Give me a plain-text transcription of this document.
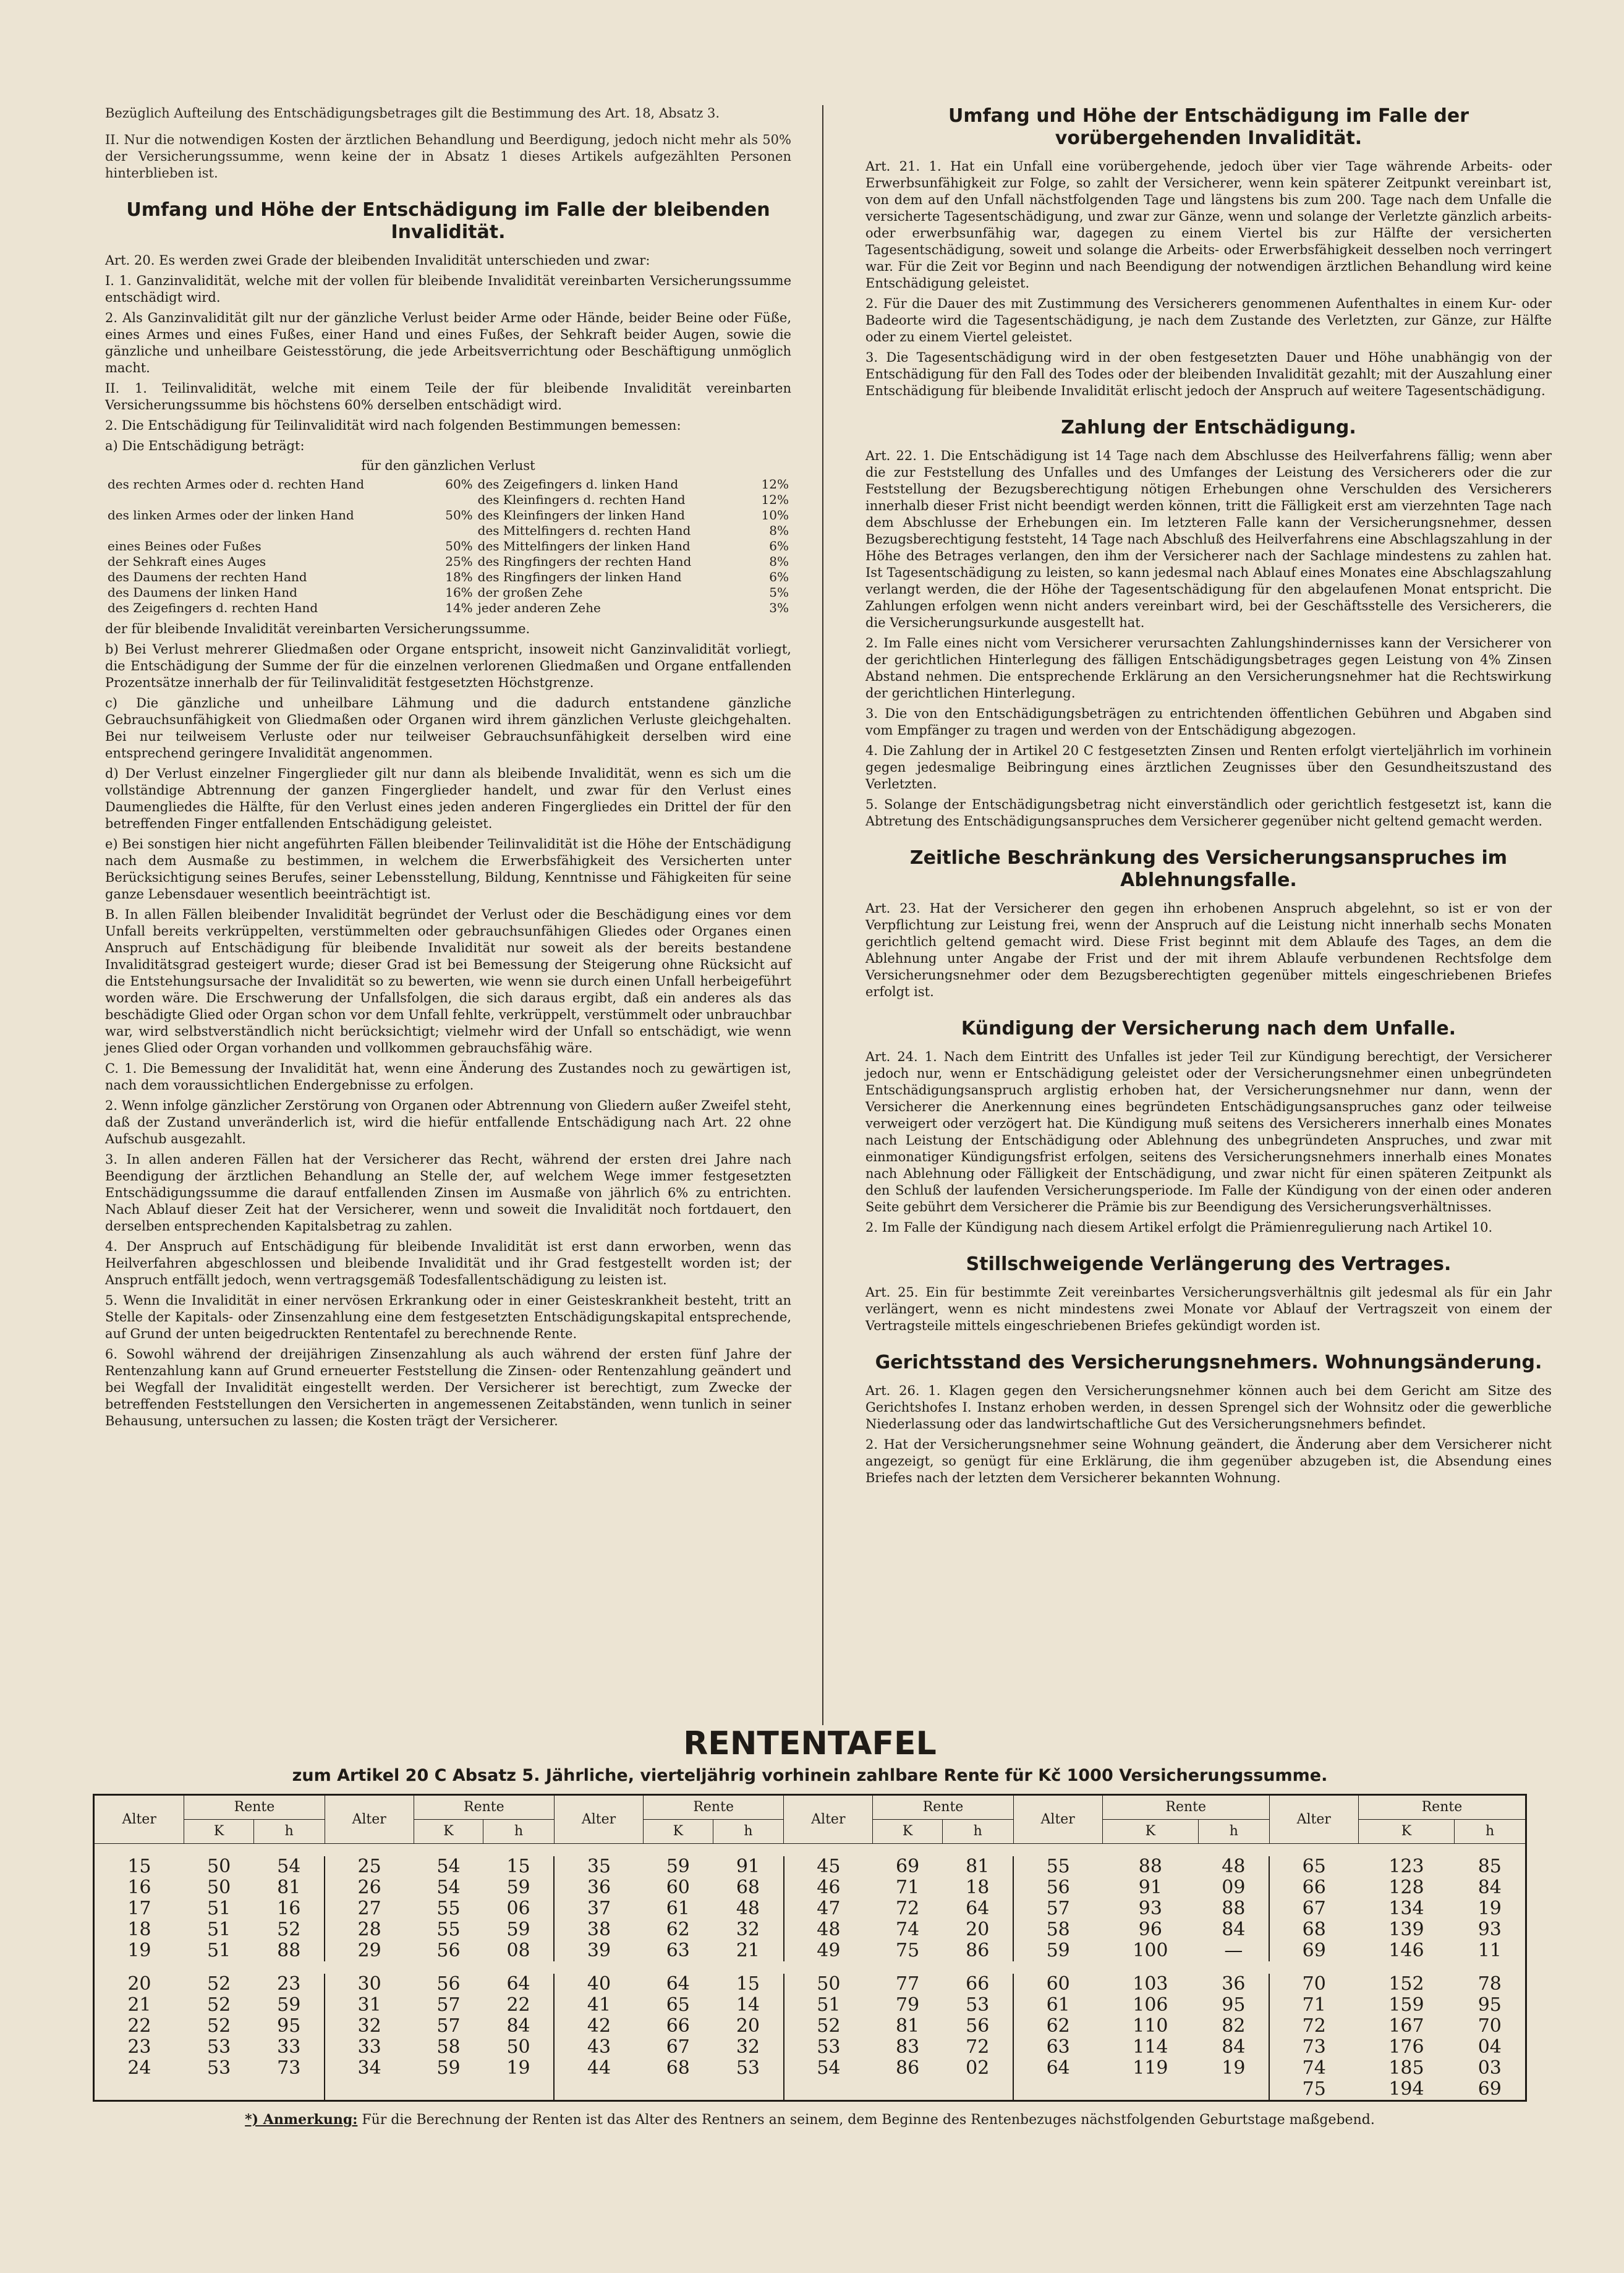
Bezüglich Aufteilung des Entschädigungsbetrages gilt die Bestimmung des Art. 18, Absatz 3.

II. Nur die notwendigen Kosten der ärztlichen Behandlung und Beerdigung, jedoch nicht mehr als 50% der Versicherungssumme, wenn keine der in Absatz 1 dieses Artikels aufgezählten Personen hinterblieben ist.

Umfang und Höhe der Entschädigung im Falle der bleibenden Invalidität.

Art. 20. Es werden zwei Grade der bleibenden Invalidität unterschieden und zwar:

I. 1. Ganzinvalidität, welche mit der vollen für bleibende Invalidität vereinbarten Versicherungssumme entschädigt wird.

2. Als Ganzinvalidität gilt nur der gänzliche Verlust beider Arme oder Hände, beider Beine oder Füße, eines Armes und eines Fußes, einer Hand und eines Fußes, der Sehkraft beider Augen, sowie die gänzliche und unheilbare Geistesstörung, die jede Arbeitsverrichtung oder Beschäftigung unmöglich macht.

II. 1. Teilinvalidität, welche mit einem Teile der für bleibende Invalidität vereinbarten Versicherungssumme bis höchstens 60% derselben entschädigt wird.

2. Die Entschädigung für Teilinvalidität wird nach folgenden Bestimmungen bemessen:

a) Die Entschädigung beträgt:

für den gänzlichen Verlust
des rechten Armes oder d. rechten Hand	60%	des Zeigefingers d. linken Hand	12%
		des Kleinfingers d. rechten Hand	12%
des linken Armes oder der linken Hand	50%	des Kleinfingers der linken Hand	10%
		des Mittelfingers d. rechten Hand	8%
eines Beines oder Fußes	50%	des Mittelfingers der linken Hand	6%
der Sehkraft eines Auges	25%	des Ringfingers der rechten Hand	8%
des Daumens der rechten Hand	18%	des Ringfingers der linken Hand	6%
des Daumens der linken Hand	16%	der großen Zehe	5%
des Zeigefingers d. rechten Hand	14%	jeder anderen Zehe	3%

der für bleibende Invalidität vereinbarten Versicherungssumme.

b) Bei Verlust mehrerer Gliedmaßen oder Organe entspricht, insoweit nicht Ganzinvalidität vorliegt, die Entschädigung der Summe der für die einzelnen verlorenen Gliedmaßen und Organe entfallenden Prozentsätze innerhalb der für Teilinvalidität festgesetzten Höchstgrenze.

c) Die gänzliche und unheilbare Lähmung und die dadurch entstandene gänzliche Gebrauchsunfähigkeit von Gliedmaßen oder Organen wird ihrem gänzlichen Verluste gleichgehalten. Bei nur teilweisem Verluste oder nur teilweiser Gebrauchsunfähigkeit derselben wird eine entsprechend geringere Invalidität angenommen.

d) Der Verlust einzelner Fingerglieder gilt nur dann als bleibende Invalidität, wenn es sich um die vollständige Abtrennung der ganzen Fingerglieder handelt, und zwar für den Verlust eines Daumengliedes die Hälfte, für den Verlust eines jeden anderen Fingergliedes ein Drittel der für den betreffenden Finger entfallenden Entschädigung geleistet.

e) Bei sonstigen hier nicht angeführten Fällen bleibender Teilinvalidität ist die Höhe der Entschädigung nach dem Ausmaße zu bestimmen, in welchem die Erwerbsfähigkeit des Versicherten unter Berücksichtigung seines Berufes, seiner Lebensstellung, Bildung, Kenntnisse und Fähigkeiten für seine ganze Lebensdauer wesentlich beeinträchtigt ist.

B. In allen Fällen bleibender Invalidität begründet der Verlust oder die Beschädigung eines vor dem Unfall bereits verkrüppelten, verstümmelten oder gebrauchsunfähigen Gliedes oder Organes einen Anspruch auf Entschädigung für bleibende Invalidität nur soweit als der bereits bestandene Invaliditätsgrad gesteigert wurde; dieser Grad ist bei Bemessung der Steigerung ohne Rücksicht auf die Entstehungsursache der Invalidität so zu bewerten, wie wenn sie durch einen Unfall herbeigeführt worden wäre. Die Erschwerung der Unfallsfolgen, die sich daraus ergibt, daß ein anderes als das beschädigte Glied oder Organ schon vor dem Unfall fehlte, verkrüppelt, verstümmelt oder unbrauchbar war, wird selbstverständlich nicht berücksichtigt; vielmehr wird der Unfall so entschädigt, wie wenn jenes Glied oder Organ vorhanden und vollkommen gebrauchsfähig wäre.

C. 1. Die Bemessung der Invalidität hat, wenn eine Änderung des Zustandes noch zu gewärtigen ist, nach dem voraussichtlichen Endergebnisse zu erfolgen.

2. Wenn infolge gänzlicher Zerstörung von Organen oder Abtrennung von Gliedern außer Zweifel steht, daß der Zustand unveränderlich ist, wird die hiefür entfallende Entschädigung nach Art. 22 ohne Aufschub ausgezahlt.

3. In allen anderen Fällen hat der Versicherer das Recht, während der ersten drei Jahre nach Beendigung der ärztlichen Behandlung an Stelle der, auf welchem Wege immer festgesetzten Entschädigungssumme die darauf entfallenden Zinsen im Ausmaße von jährlich 6% zu entrichten. Nach Ablauf dieser Zeit hat der Versicherer, wenn und soweit die Invalidität noch fortdauert, den derselben entsprechenden Kapitalsbetrag zu zahlen.

4. Der Anspruch auf Entschädigung für bleibende Invalidität ist erst dann erworben, wenn das Heilverfahren abgeschlossen und bleibende Invalidität und ihr Grad festgestellt worden ist; der Anspruch entfällt jedoch, wenn vertragsgemäß Todesfallentschädigung zu leisten ist.

5. Wenn die Invalidität in einer nervösen Erkrankung oder in einer Geisteskrankheit besteht, tritt an Stelle der Kapitals- oder Zinsenzahlung eine dem festgesetzten Entschädigungskapital entsprechende, auf Grund der unten beigedruckten Rententafel zu berechnende Rente.

6. Sowohl während der dreijährigen Zinsenzahlung als auch während der ersten fünf Jahre der Rentenzahlung kann auf Grund erneuerter Feststellung die Zinsen- oder Rentenzahlung geändert und bei Wegfall der Invalidität eingestellt werden. Der Versicherer ist berechtigt, zum Zwecke der betreffenden Feststellungen den Versicherten in angemessenen Zeitabständen, wenn tunlich in seiner Behausung, untersuchen zu lassen; die Kosten trägt der Versicherer.

Umfang und Höhe der Entschädigung im Falle der vorübergehenden Invalidität.

Art. 21. 1. Hat ein Unfall eine vorübergehende, jedoch über vier Tage währende Arbeits- oder Erwerbsunfähigkeit zur Folge, so zahlt der Versicherer, wenn kein späterer Zeitpunkt vereinbart ist, von dem auf den Unfall nächstfolgenden Tage und längstens bis zum 200. Tage nach dem Unfalle die versicherte Tagesentschädigung, und zwar zur Gänze, wenn und solange der Verletzte gänzlich arbeits- oder erwerbsunfähig war, dagegen zu einem Viertel bis zur Hälfte der versicherten Tagesentschädigung, soweit und solange die Arbeits- oder Erwerbsfähigkeit desselben noch verringert war. Für die Zeit vor Beginn und nach Beendigung der notwendigen ärztlichen Behandlung wird keine Entschädigung geleistet.

2. Für die Dauer des mit Zustimmung des Versicherers genommenen Aufenthaltes in einem Kur- oder Badeorte wird die Tagesentschädigung, je nach dem Zustande des Verletzten, zur Gänze, zur Hälfte oder zu einem Viertel geleistet.

3. Die Tagesentschädigung wird in der oben festgesetzten Dauer und Höhe unabhängig von der Entschädigung für den Fall des Todes oder der bleibenden Invalidität gezahlt; mit der Auszahlung einer Entschädigung für bleibende Invalidität erlischt jedoch der Anspruch auf weitere Tagesentschädigung.

Zahlung der Entschädigung.

Art. 22. 1. Die Entschädigung ist 14 Tage nach dem Abschlusse des Heilverfahrens fällig; wenn aber die zur Feststellung des Unfalles und des Umfanges der Leistung des Versicherers oder die zur Feststellung der Bezugsberechtigung nötigen Erhebungen ohne Verschulden des Versicherers innerhalb dieser Frist nicht beendigt werden können, tritt die Fälligkeit erst am vierzehnten Tage nach dem Abschlusse der Erhebungen ein. Im letzteren Falle kann der Versicherungsnehmer, dessen Bezugsberechtigung feststeht, 14 Tage nach Abschluß des Heilverfahrens eine Abschlagszahlung in der Höhe des Betrages verlangen, den ihm der Versicherer nach der Sachlage mindestens zu zahlen hat. Ist Tagesentschädigung zu leisten, so kann jedesmal nach Ablauf eines Monates eine Abschlagszahlung verlangt werden, die der Höhe der Tagesentschädigung für den abgelaufenen Monat entspricht. Die Zahlungen erfolgen wenn nicht anders vereinbart wird, bei der Geschäftsstelle des Versicherers, die die Versicherungsurkunde ausgestellt hat.

2. Im Falle eines nicht vom Versicherer verursachten Zahlungshindernisses kann der Versicherer von der gerichtlichen Hinterlegung des fälligen Entschädigungsbetrages gegen Leistung von 4% Zinsen Abstand nehmen. Die entsprechende Erklärung an den Versicherungsnehmer hat die Rechtswirkung der gerichtlichen Hinterlegung.

3. Die von den Entschädigungsbeträgen zu entrichtenden öffentlichen Gebühren und Abgaben sind vom Empfänger zu tragen und werden von der Entschädigung abgezogen.

4. Die Zahlung der in Artikel 20 C festgesetzten Zinsen und Renten erfolgt vierteljährlich im vorhinein gegen jedesmalige Beibringung eines ärztlichen Zeugnisses über den Gesundheitszustand des Verletzten.

5. Solange der Entschädigungsbetrag nicht einverständlich oder gerichtlich festgesetzt ist, kann die Abtretung des Entschädigungsanspruches dem Versicherer gegenüber nicht geltend gemacht werden.

Zeitliche Beschränkung des Versicherungsanspruches im Ablehnungsfalle.

Art. 23. Hat der Versicherer den gegen ihn erhobenen Anspruch abgelehnt, so ist er von der Verpflichtung zur Leistung frei, wenn der Anspruch auf die Leistung nicht innerhalb sechs Monaten gerichtlich geltend gemacht wird. Diese Frist beginnt mit dem Ablaufe des Tages, an dem die Ablehnung unter Angabe der Frist und der mit ihrem Ablaufe verbundenen Rechtsfolge dem Versicherungsnehmer oder dem Bezugsberechtigten gegenüber mittels eingeschriebenen Briefes erfolgt ist.

Kündigung der Versicherung nach dem Unfalle.

Art. 24. 1. Nach dem Eintritt des Unfalles ist jeder Teil zur Kündigung berechtigt, der Versicherer jedoch nur, wenn er Entschädigung geleistet oder der Versicherungsnehmer einen unbegründeten Entschädigungsanspruch arglistig erhoben hat, der Versicherungsnehmer nur dann, wenn der Versicherer die Anerkennung eines begründeten Entschädigungsanspruches ganz oder teilweise verweigert oder verzögert hat. Die Kündigung muß seitens des Versicherers innerhalb eines Monates nach Leistung der Entschädigung oder Ablehnung des unbegründeten Anspruches, und zwar mit einmonatiger Kündigungsfrist erfolgen, seitens des Versicherungsnehmers innerhalb eines Monates nach Ablehnung oder Fälligkeit der Entschädigung, und zwar nicht für einen späteren Zeitpunkt als den Schluß der laufenden Versicherungsperiode. Im Falle der Kündigung von der einen oder anderen Seite gebührt dem Versicherer die Prämie bis zur Beendigung des Versicherungsverhältnisses.

2. Im Falle der Kündigung nach diesem Artikel erfolgt die Prämienregulierung nach Artikel 10.

Stillschweigende Verlängerung des Vertrages.

Art. 25. Ein für bestimmte Zeit vereinbartes Versicherungsverhältnis gilt jedesmal als für ein Jahr verlängert, wenn es nicht mindestens zwei Monate vor Ablauf der Vertragszeit von einem der Vertragsteile mittels eingeschriebenen Briefes gekündigt worden ist.

Gerichtsstand des Versicherungsnehmers. Wohnungsänderung.

Art. 26. 1. Klagen gegen den Versicherungsnehmer können auch bei dem Gericht am Sitze des Gerichtshofes I. Instanz erhoben werden, in dessen Sprengel sich der Wohnsitz oder die gewerbliche Niederlassung oder das landwirtschaftliche Gut des Versicherungsnehmers befindet.

2. Hat der Versicherungsnehmer seine Wohnung geändert, die Änderung aber dem Versicherer nicht angezeigt, so genügt für eine Erklärung, die ihm gegenüber abzugeben ist, die Absendung eines Briefes nach der letzten dem Versicherer bekannten Wohnung.

RENTENTAFEL
zum Artikel 20 C Absatz 5. Jährliche, vierteljährig vorhinein zahlbare Rente für Kč 1000 Versicherungssumme.
Alter	Rente		Alter	Rente		Alter	Rente		Alter	Rente		Alter	Rente		Alter	Rente	
	K	h		K	h		K	h		K	h		K	h		K	h

15	50	54	25	54	15	35	59	91	45	69	81	55	88	48	65	123	85
16	50	81	26	54	59	36	60	68	46	71	18	56	91	09	66	128	84
17	51	16	27	55	06	37	61	48	47	72	64	57	93	88	67	134	19
18	51	52	28	55	59	38	62	32	48	74	20	58	96	84	68	139	93
19	51	88	29	56	08	39	63	21	49	75	86	59	100	—	69	146	11

20	52	23	30	56	64	40	64	15	50	77	66	60	103	36	70	152	78
21	52	59	31	57	22	41	65	14	51	79	53	61	106	95	71	159	95
22	52	95	32	57	84	42	66	20	52	81	56	62	110	82	72	167	70
23	53	33	33	58	50	43	67	32	53	83	72	63	114	84	73	176	04
24	53	73	34	59	19	44	68	53	54	86	02	64	119	19	74	185	03
															75	194	69
*) Anmerkung: Für die Berechnung der Renten ist das Alter des Rentners an seinem, dem Beginne des Rentenbezuges nächstfolgenden Geburtstage maßgebend.
